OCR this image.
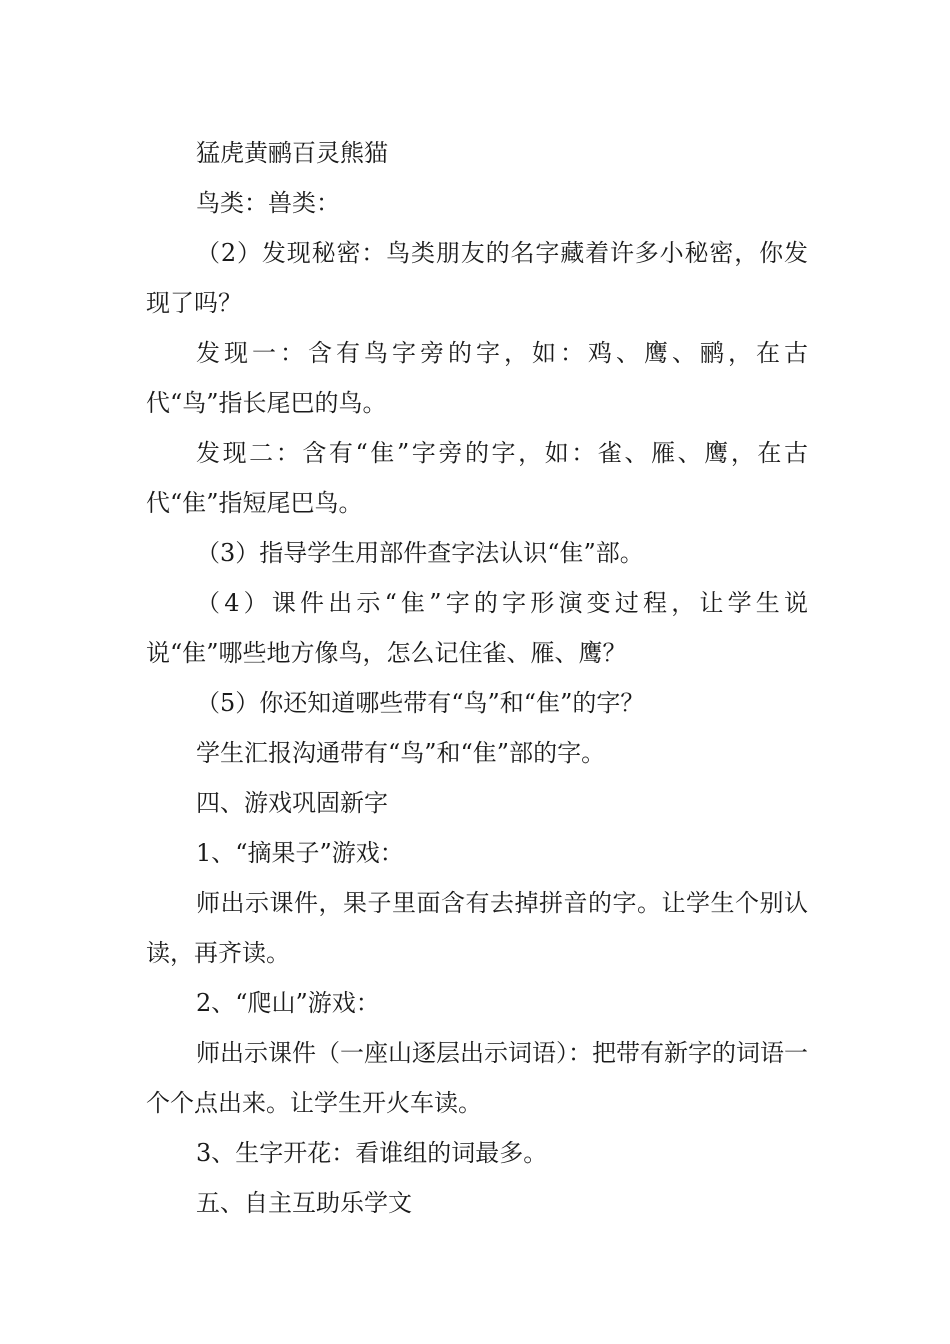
猛虎黄鹂百灵熊猫

鸟类：兽类：

（2）发现秘密：鸟类朋友的名字藏着许多小秘密，你发现了吗？

发现一：含有鸟字旁的字，如：鸡、鹰、鹂，在古代“鸟”指长尾巴的鸟。

发现二：含有“隹”字旁的字，如：雀、雁、鹰，在古代“隹”指短尾巴鸟。

（3）指导学生用部件查字法认识“隹”部。

（4）课件出示“隹”字的字形演变过程，让学生说说“隹”哪些地方像鸟，怎么记住雀、雁、鹰？

（5）你还知道哪些带有“鸟”和“隹”的字？

学生汇报沟通带有“鸟”和“隹”部的字。

四、游戏巩固新字

1、“摘果子”游戏：

师出示课件，果子里面含有去掉拼音的字。让学生个别认读，再齐读。

2、“爬山”游戏：

师出示课件（一座山逐层出示词语）：把带有新字的词语一个个点出来。让学生开火车读。

3、生字开花：看谁组的词最多。

五、自主互助乐学文
